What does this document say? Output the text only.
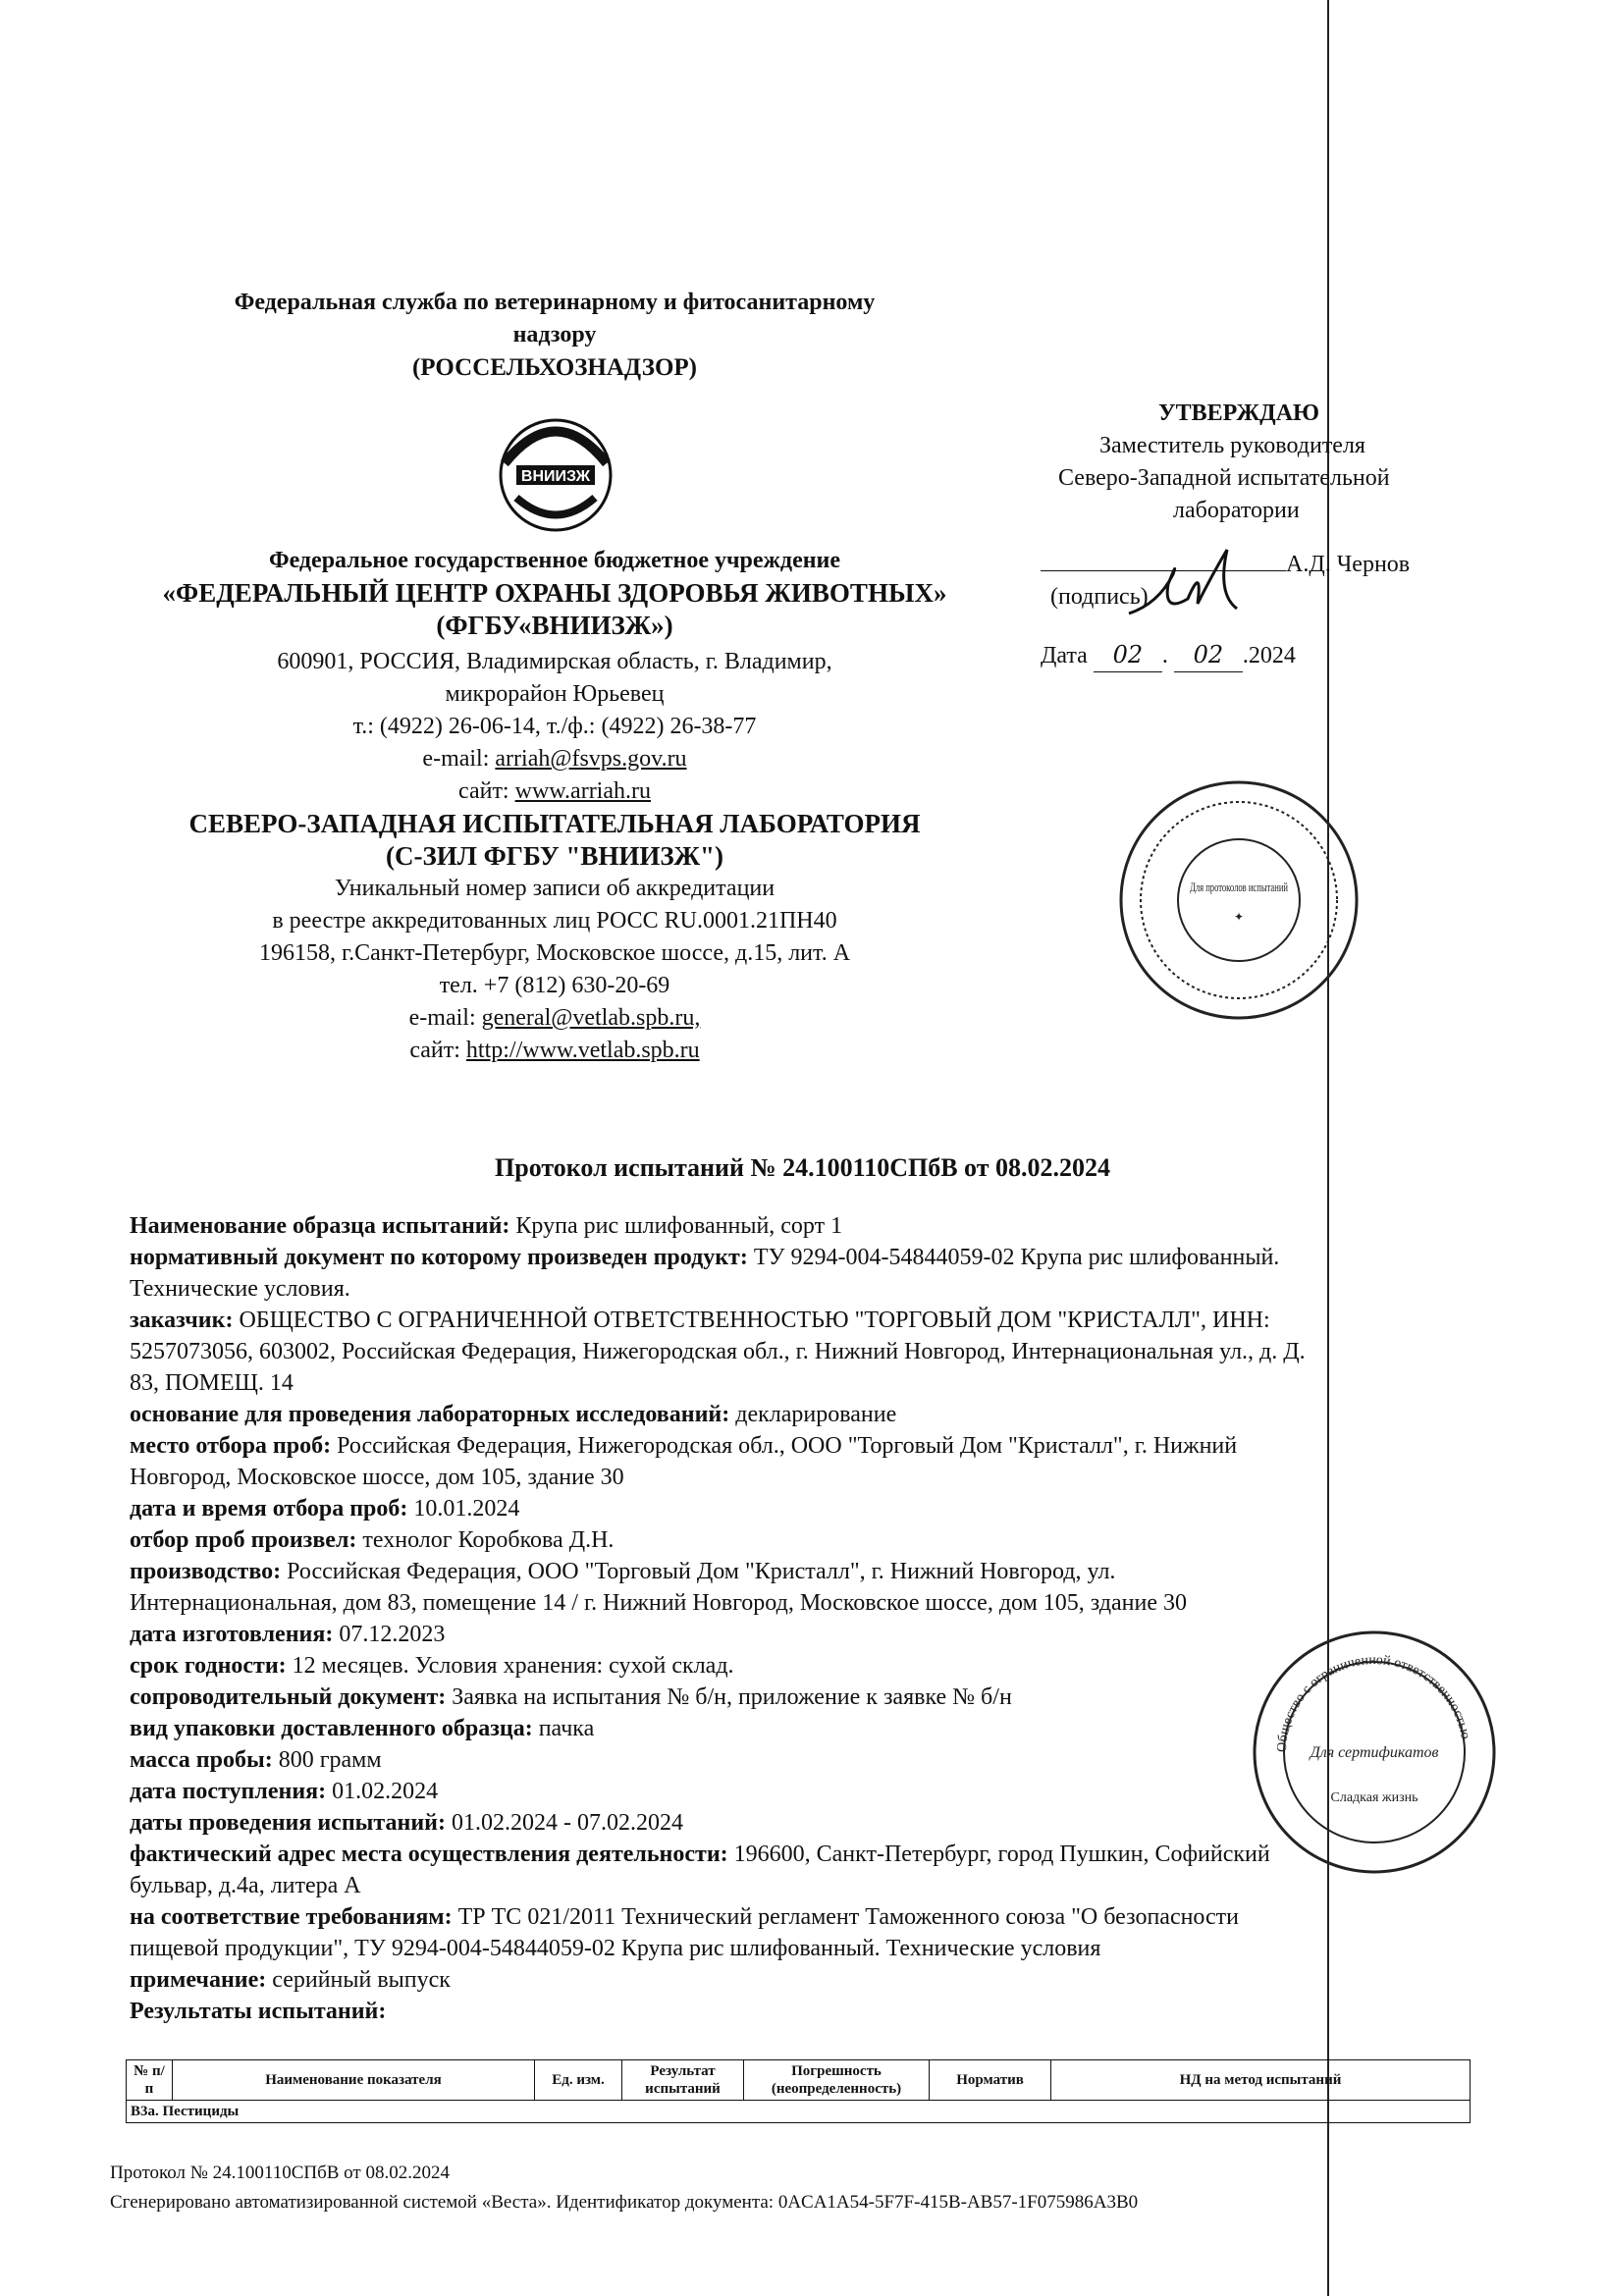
Федеральная служба по ветеринарному и фитосанитарному
надзору
(РОССЕЛЬХОЗНАДЗОР)
ВНИИЗЖ
Федеральное государственное бюджетное учреждение
«ФЕДЕРАЛЬНЫЙ ЦЕНТР ОХРАНЫ ЗДОРОВЬЯ ЖИВОТНЫХ»
(ФГБУ«ВНИИЗЖ»)
600901, РОССИЯ, Владимирская область, г. Владимир,
микрорайон Юрьевец
т.: (4922) 26-06-14, т./ф.: (4922) 26-38-77
e-mail: arriah@fsvps.gov.ru
сайт: www.arriah.ru
СЕВЕРО-ЗАПАДНАЯ ИСПЫТАТЕЛЬНАЯ ЛАБОРАТОРИЯ
(С-ЗИЛ ФГБУ "ВНИИЗЖ")
Уникальный номер записи об аккредитации
в реестре аккредитованных лиц РОСС RU.0001.21ПН40
196158, г.Санкт-Петербург, Московское шоссе, д.15, лит. А
тел. +7 (812) 630-20-69
e-mail: general@vetlab.spb.ru,
сайт: http://www.vetlab.spb.ru
УТВЕРЖДАЮ
Заместитель руководителя
Северо-Западной испытательной
лаборатории
А.Д. Чернов
(подпись)
Дата 02 . 02 .2024
Для протоколов испытаний
✦
Протокол испытаний № 24.100110СПбВ от 08.02.2024
Наименование образца испытаний: Крупа рис шлифованный, сорт 1
нормативный документ по которому произведен продукт: ТУ 9294-004-54844059-02 Крупа рис шлифованный.
Технические условия.
заказчик: ОБЩЕСТВО С ОГРАНИЧЕННОЙ ОТВЕТСТВЕННОСТЬЮ "ТОРГОВЫЙ ДОМ "КРИСТАЛЛ", ИНН:
5257073056, 603002, Российская Федерация, Нижегородская обл., г. Нижний Новгород, Интернациональная ул., д. Д.
83, ПОМЕЩ. 14
основание для проведения лабораторных исследований: декларирование
место отбора проб: Российская Федерация, Нижегородская обл., ООО "Торговый Дом "Кристалл", г. Нижний
Новгород, Московское шоссе, дом 105, здание 30
дата и время отбора проб: 10.01.2024
отбор проб произвел: технолог Коробкова Д.Н.
производство: Российская Федерация, ООО "Торговый Дом "Кристалл", г. Нижний Новгород, ул.
Интернациональная, дом 83, помещение 14 / г. Нижний Новгород, Московское шоссе, дом 105, здание 30
дата изготовления: 07.12.2023
срок годности: 12 месяцев. Условия хранения: сухой склад.
сопроводительный документ: Заявка на испытания № б/н, приложение к заявке № б/н
вид упаковки доставленного образца: пачка
масса пробы: 800 грамм
дата поступления: 01.02.2024
даты проведения испытаний: 01.02.2024 - 07.02.2024
фактический адрес места осуществления деятельности: 196600, Санкт-Петербург, город Пушкин, Софийский
бульвар, д.4а, литера А
на соответствие требованиям: ТР ТС 021/2011 Технический регламент Таможенного союза "О безопасности
пищевой продукции", ТУ 9294-004-54844059-02 Крупа рис шлифованный. Технические условия
примечание: серийный выпуск
Результаты испытаний:
Общество с ограниченной ответственностью
Сладкая жизнь
Для сертификатов
№ п/п	Наименование показателя	Ед. изм.	Результат испытаний	Погрешность (неопределенность)	Норматив	НД на метод испытаний
В3а. Пестициды
Протокол № 24.100110СПбВ от 08.02.2024
Сгенерировано автоматизированной системой «Веста». Идентификатор документа: 0ACA1A54-5F7F-415B-AB57-1F075986A3B0
